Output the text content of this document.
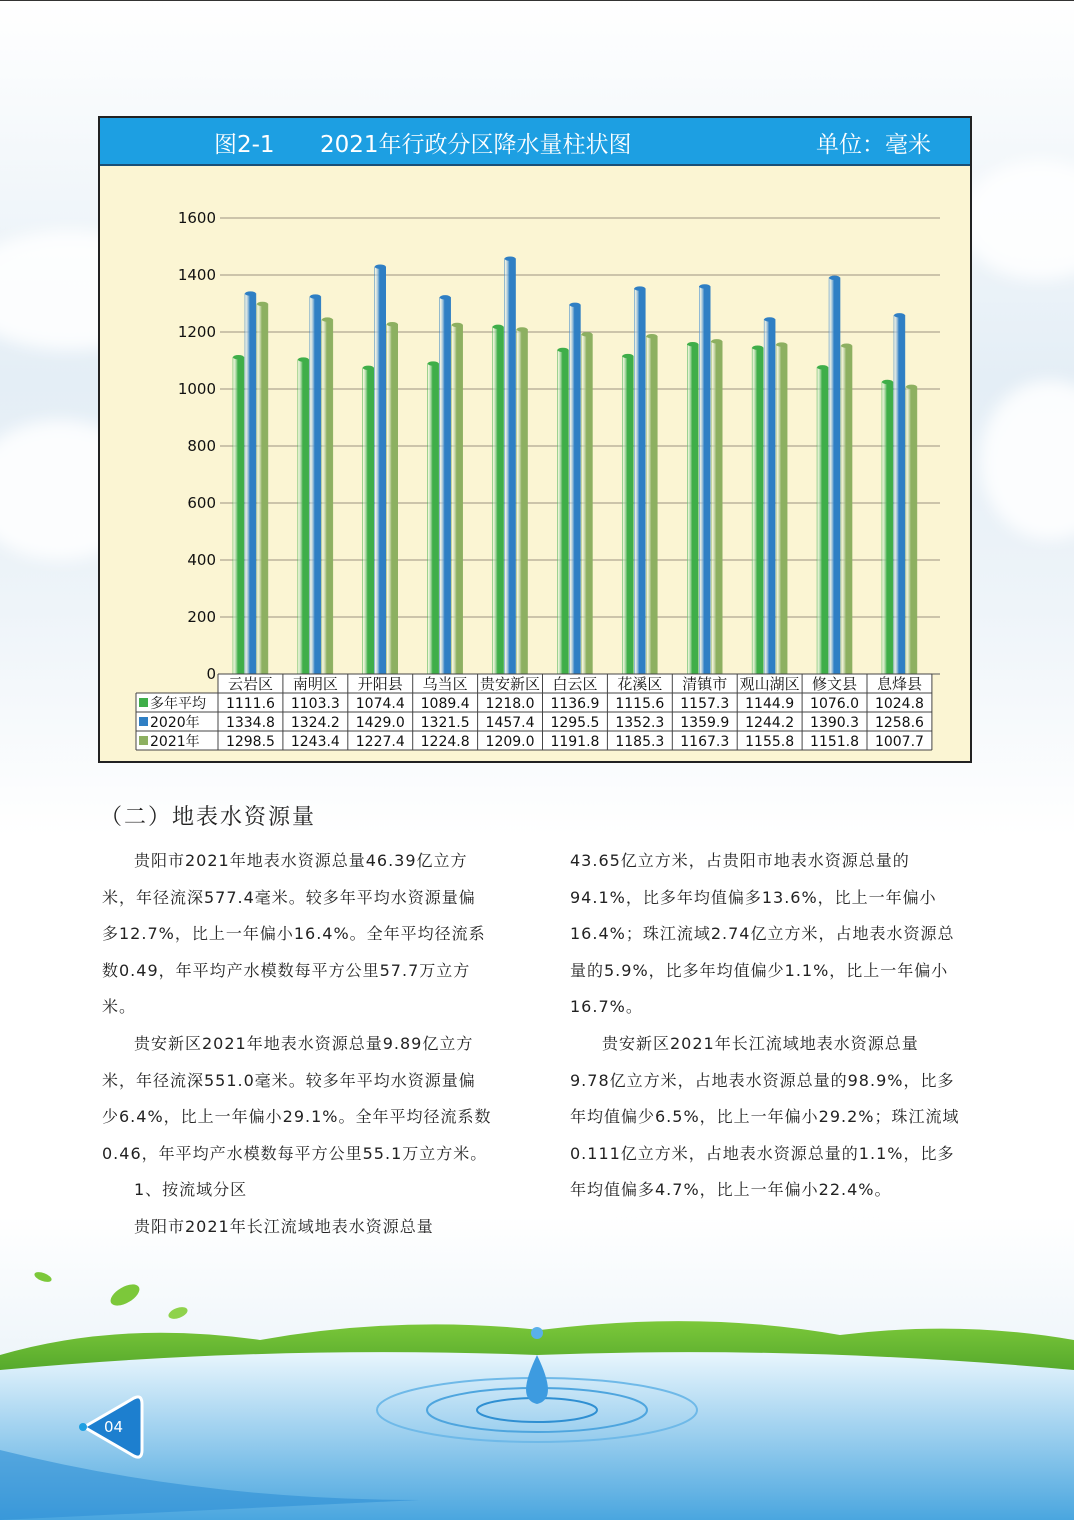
图2-1 2021年行政分区降水量柱状图	单位：毫米
0
200
400
600
800
1000
1200
1400
1600
云岩区 南明区 开阳县 乌当区 贵安新区 白云区 花溪区 清镇市 观山湖区 修文县 息烽县
多年平均 1111.6 1103.3 1074.4 1089.4 1218.0 1136.9 1115.6 1157.3 1144.9 1076.0 1024.8
2020年 1334.8 1324.2 1429.0 1321.5 1457.4 1295.5 1352.3 1359.9 1244.2 1390.3 1258.6
2021年 1298.5 1243.4 1227.4 1224.8 1209.0 1191.8 1185.3 1167.3 1155.8 1151.8 1007.7
（二）地表水资源量
贵阳市2021年地表水资源总量46.39亿立方
米，年径流深577.4毫米。较多年平均水资源量偏
多12.7%，比上一年偏小16.4%。全年平均径流系
数0.49，年平均产水模数每平方公里57.7万立方
米。
贵安新区2021年地表水资源总量9.89亿立方
米，年径流深551.0毫米。较多年平均水资源量偏
少6.4%，比上一年偏小29.1%。全年平均径流系数
0.46，年平均产水模数每平方公里55.1万立方米。
1、按流域分区
贵阳市2021年长江流域地表水资源总量
43.65亿立方米，占贵阳市地表水资源总量的
94.1%，比多年均值偏多13.6%，比上一年偏小
16.4%；珠江流域2.74亿立方米，占地表水资源总
量的5.9%，比多年均值偏少1.1%，比上一年偏小
16.7%。
贵安新区2021年长江流域地表水资源总量
9.78亿立方米，占地表水资源总量的98.9%，比多
年均值偏少6.5%，比上一年偏小29.2%；珠江流域
0.111亿立方米，占地表水资源总量的1.1%，比多
年均值偏多4.7%，比上一年偏小22.4%。
04
